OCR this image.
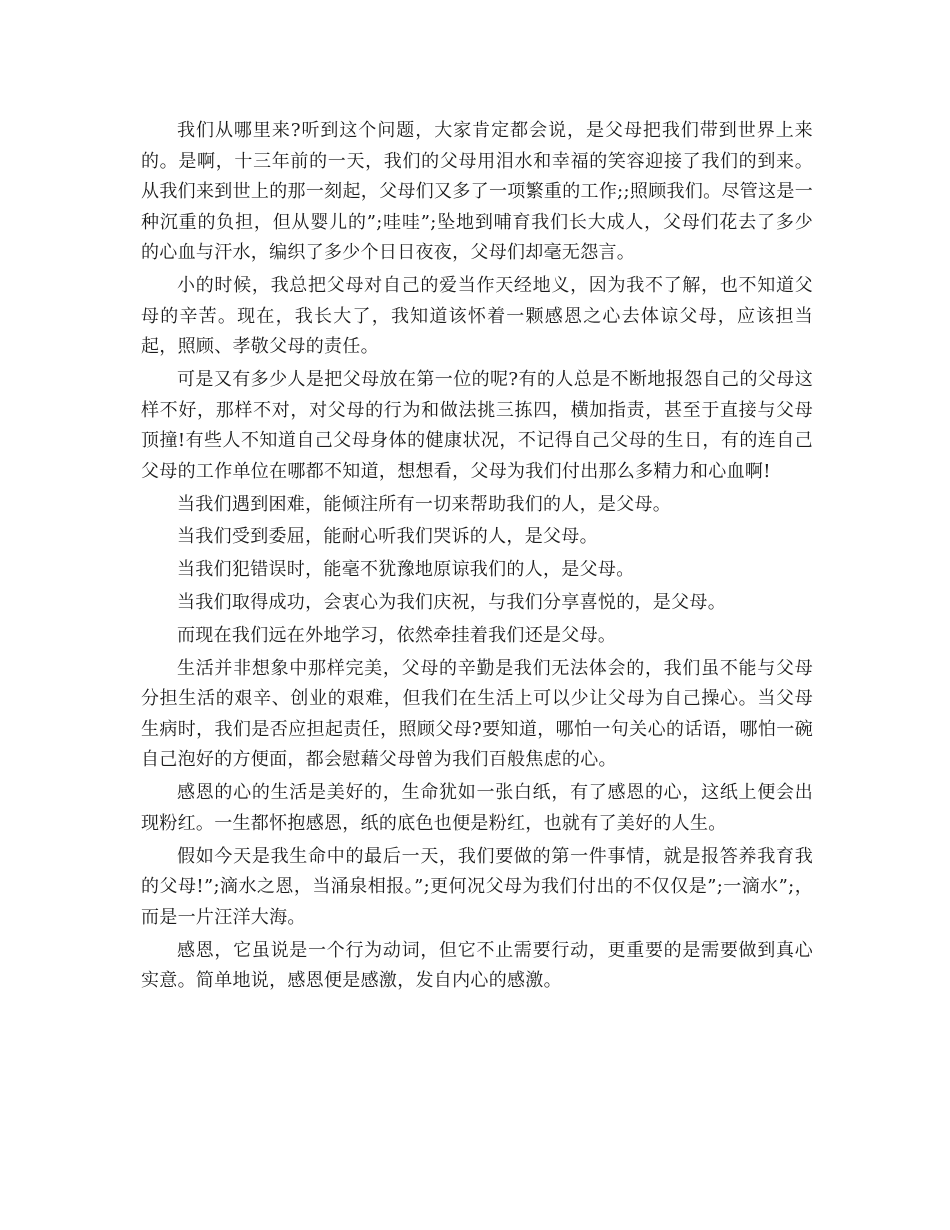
我们从哪里来?听到这个问题，大家肯定都会说，是父母把我们带到世界上来的。是啊，十三年前的一天，我们的父母用泪水和幸福的笑容迎接了我们的到来。从我们来到世上的那一刻起，父母们又多了一项繁重的工作;;照顾我们。尽管这是一种沉重的负担，但从婴儿的”;哇哇”;坠地到哺育我们长大成人，父母们花去了多少的心血与汗水，编织了多少个日日夜夜，父母们却毫无怨言。

小的时候，我总把父母对自己的爱当作天经地义，因为我不了解，也不知道父母的辛苦。现在，我长大了，我知道该怀着一颗感恩之心去体谅父母，应该担当起，照顾、孝敬父母的责任。

可是又有多少人是把父母放在第一位的呢?有的人总是不断地报怨自己的父母这样不好，那样不对，对父母的行为和做法挑三拣四，横加指责，甚至于直接与父母顶撞!有些人不知道自己父母身体的健康状况，不记得自己父母的生日，有的连自己父母的工作单位在哪都不知道，想想看，父母为我们付出那么多精力和心血啊!

当我们遇到困难，能倾注所有一切来帮助我们的人，是父母。

当我们受到委屈，能耐心听我们哭诉的人，是父母。

当我们犯错误时，能毫不犹豫地原谅我们的人，是父母。

当我们取得成功，会衷心为我们庆祝，与我们分享喜悦的，是父母。

而现在我们远在外地学习，依然牵挂着我们还是父母。

生活并非想象中那样完美，父母的辛勤是我们无法体会的，我们虽不能与父母分担生活的艰辛、创业的艰难，但我们在生活上可以少让父母为自己操心。当父母生病时，我们是否应担起责任，照顾父母?要知道，哪怕一句关心的话语，哪怕一碗自己泡好的方便面，都会慰藉父母曾为我们百般焦虑的心。

感恩的心的生活是美好的，生命犹如一张白纸，有了感恩的心，这纸上便会出现粉红。一生都怀抱感恩，纸的底色也便是粉红，也就有了美好的人生。

假如今天是我生命中的最后一天，我们要做的第一件事情，就是报答养我育我的父母!”;滴水之恩，当涌泉相报。”;更何况父母为我们付出的不仅仅是”;一滴水”;，而是一片汪洋大海。

感恩，它虽说是一个行为动词，但它不止需要行动，更重要的是需要做到真心实意。简单地说，感恩便是感激，发自内心的感激。
